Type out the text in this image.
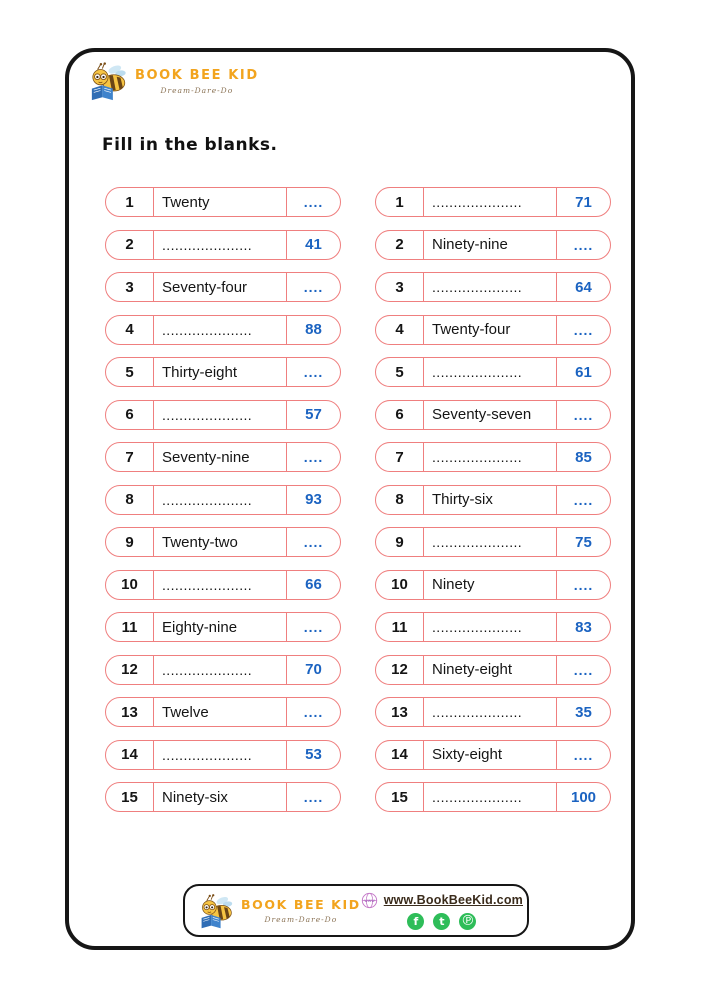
BOOK BEE KID
Dream-Dare-Do
Fill in the blanks.
1	Twenty	....
2	.....................	41
3	Seventy-four	....
4	.....................	88
5	Thirty-eight	....
6	.....................	57
7	Seventy-nine	....
8	.....................	93
9	Twenty-two	....
10	.....................	66
11	Eighty-nine	....
12	.....................	70
13	Twelve	....
14	.....................	53
15	Ninety-six	....
1	.....................	71
2	Ninety-nine	....
3	.....................	64
4	Twenty-four	....
5	.....................	61
6	Seventy-seven	....
7	.....................	85
8	Thirty-six	....
9	.....................	75
10	Ninety	....
11	.....................	83
12	Ninety-eight	....
13	.....................	35
14	Sixty-eight	....
15	.....................	100
BOOK BEE KID
Dream-Dare-Do
www www.BookBeeKid.com
f	t	℗
